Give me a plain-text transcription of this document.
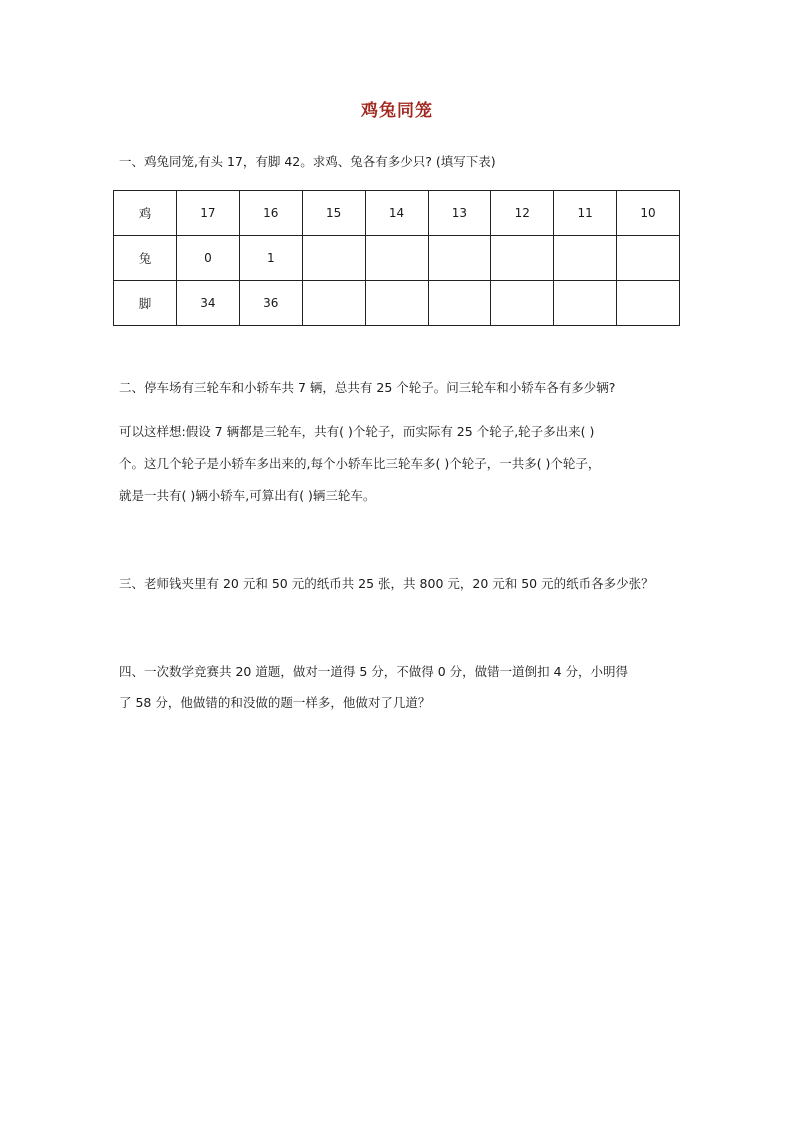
鸡兔同笼
一、鸡兔同笼,有头 17，有脚 42。求鸡、兔各有多少只? (填写下表)
鸡	17	16	15	14	13	12	11	10
兔	0	1						
脚	34	36						
二、停车场有三轮车和小轿车共 7 辆，总共有 25 个轮子。问三轮车和小轿车各有多少辆?
可以这样想:假设 7 辆都是三轮车，共有( )个轮子，而实际有 25 个轮子,轮子多出来( )
个。这几个轮子是小轿车多出来的,每个小轿车比三轮车多( )个轮子，一共多( )个轮子，
就是一共有( )辆小轿车,可算出有( )辆三轮车。
三、老师钱夹里有 20 元和 50 元的纸币共 25 张，共 800 元，20 元和 50 元的纸币各多少张？
四、一次数学竞赛共 20 道题，做对一道得 5 分，不做得 0 分，做错一道倒扣 4 分，小明得
了 58 分，他做错的和没做的题一样多，他做对了几道？
